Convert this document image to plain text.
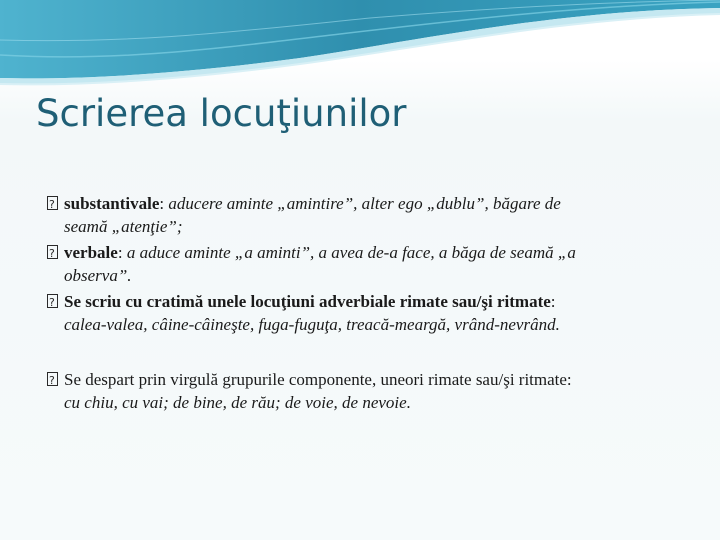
Scrierea locuţiunilor
?
substantivale: aducere aminte „amintire”, alter ego „dublu”, băgare de
seamă „atenţie”;
?
verbale: a aduce aminte „a aminti”, a avea de-a face, a băga de seamă „a
observa”.
?
Se scriu cu cratimă unele locuţiuni adverbiale rimate sau/şi ritmate:
calea-valea, câine-câineşte, fuga-fuguţa, treacă-meargă, vrând-nevrând.
?
Se despart prin virgulă grupurile componente, uneori rimate sau/şi ritmate:
cu chiu, cu vai; de bine, de rău; de voie, de nevoie.
